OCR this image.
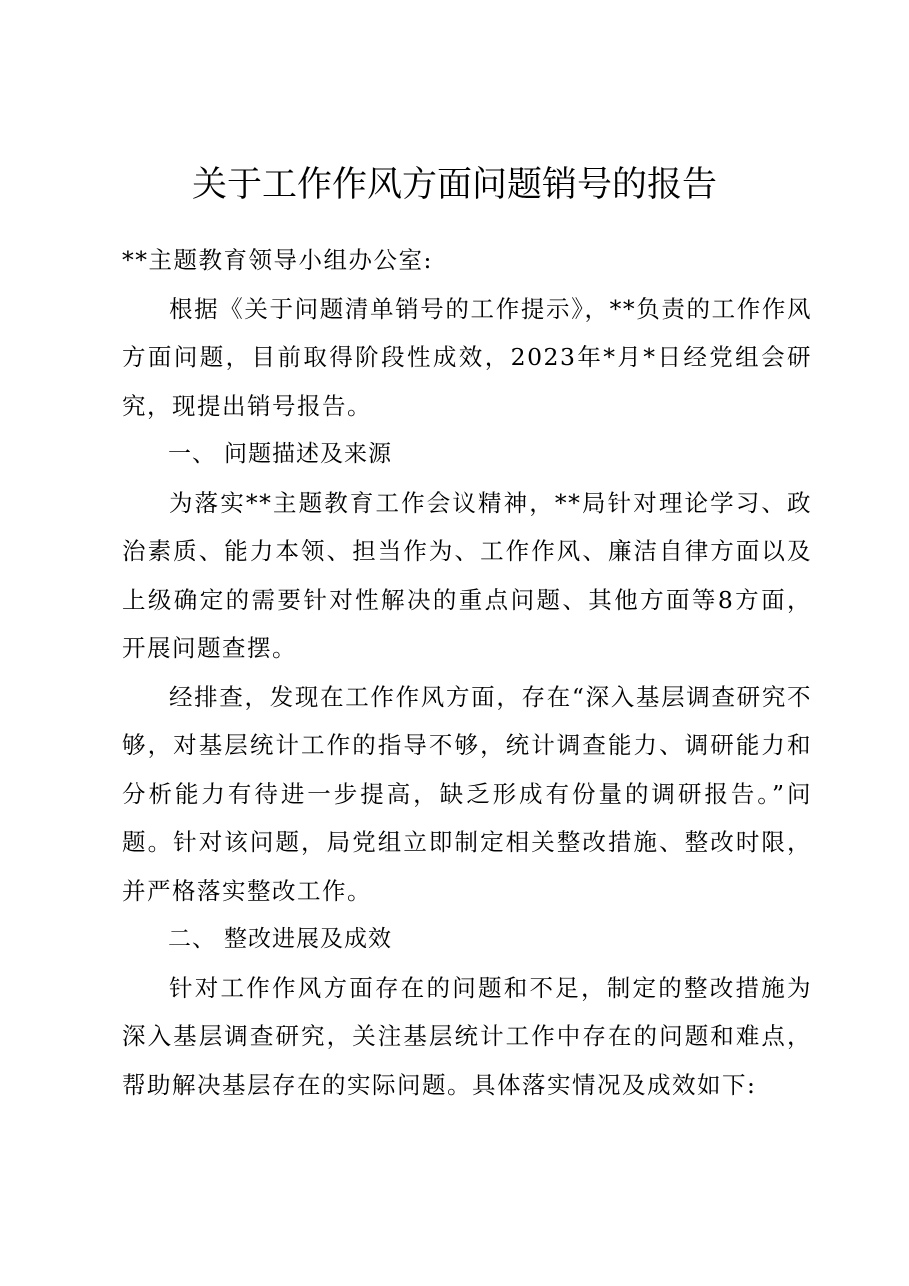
关于工作作风方面问题销号的报告

**主题教育领导小组办公室:

根据《关于问题清单销号的工作提示》，**负责的工作作风方面问题，目前取得阶段性成效，2023年*月*日经党组会研究，现提出销号报告。

一、 问题描述及来源

为落实**主题教育工作会议精神，**局针对理论学习、政治素质、能力本领、担当作为、工作作风、廉洁自律方面以及上级确定的需要针对性解决的重点问题、其他方面等8方面，开展问题查摆。

经排查，发现在工作作风方面，存在“深入基层调查研究不够，对基层统计工作的指导不够，统计调查能力、调研能力和分析能力有待进一步提高，缺乏形成有份量的调研报告。”问题。针对该问题，局党组立即制定相关整改措施、整改时限，并严格落实整改工作。

二、 整改进展及成效

针对工作作风方面存在的问题和不足，制定的整改措施为深入基层调查研究，关注基层统计工作中存在的问题和难点，帮助解决基层存在的实际问题。具体落实情况及成效如下:
